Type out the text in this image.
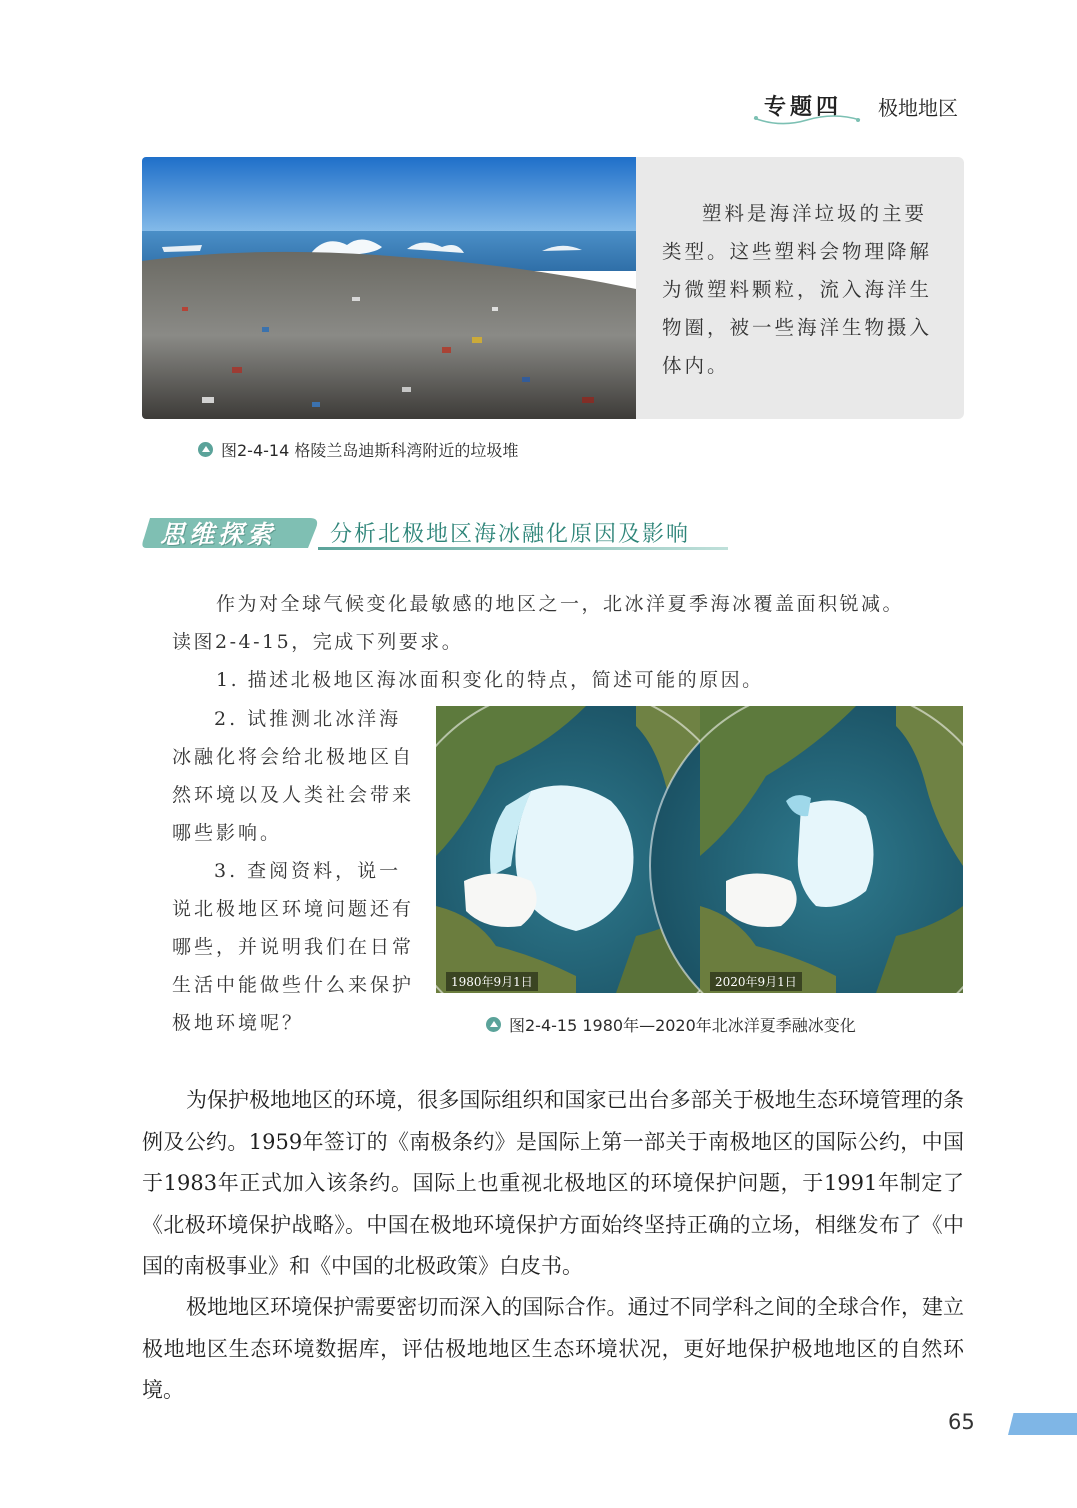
专题四 极地地区
塑料是海洋垃圾的主要类型。这些塑料会物理降解为微塑料颗粒，流入海洋生物圈，被一些海洋生物摄入体内。
图2-4-14 格陵兰岛迪斯科湾附近的垃圾堆
思维探索 分析北极地区海冰融化原因及影响
作为对全球气候变化最敏感的地区之一，北冰洋夏季海冰覆盖面积锐减。
读图2-4-15，完成下列要求。
1. 描述北极地区海冰面积变化的特点，简述可能的原因。

2. 试推测北冰洋海冰融化将会给北极地区自然环境以及人类社会带来哪些影响。

3. 查阅资料，说一说北极地区环境问题还有哪些，并说明我们在日常生活中能做些什么来保护极地环境呢？

1980年9月1日	2020年9月1日
图2-4-15 1980年—2020年北冰洋夏季融冰变化

为保护极地地区的环境，很多国际组织和国家已出台多部关于极地生态环境管理的条例及公约。1959年签订的《南极条约》是国际上第一部关于南极地区的国际公约，中国于1983年正式加入该条约。国际上也重视北极地区的环境保护问题，于1991年制定了《北极环境保护战略》。中国在极地环境保护方面始终坚持正确的立场，相继发布了《中国的南极事业》和《中国的北极政策》白皮书。

极地地区环境保护需要密切而深入的国际合作。通过不同学科之间的全球合作，建立极地地区生态环境数据库，评估极地地区生态环境状况，更好地保护极地地区的自然环境。

65
